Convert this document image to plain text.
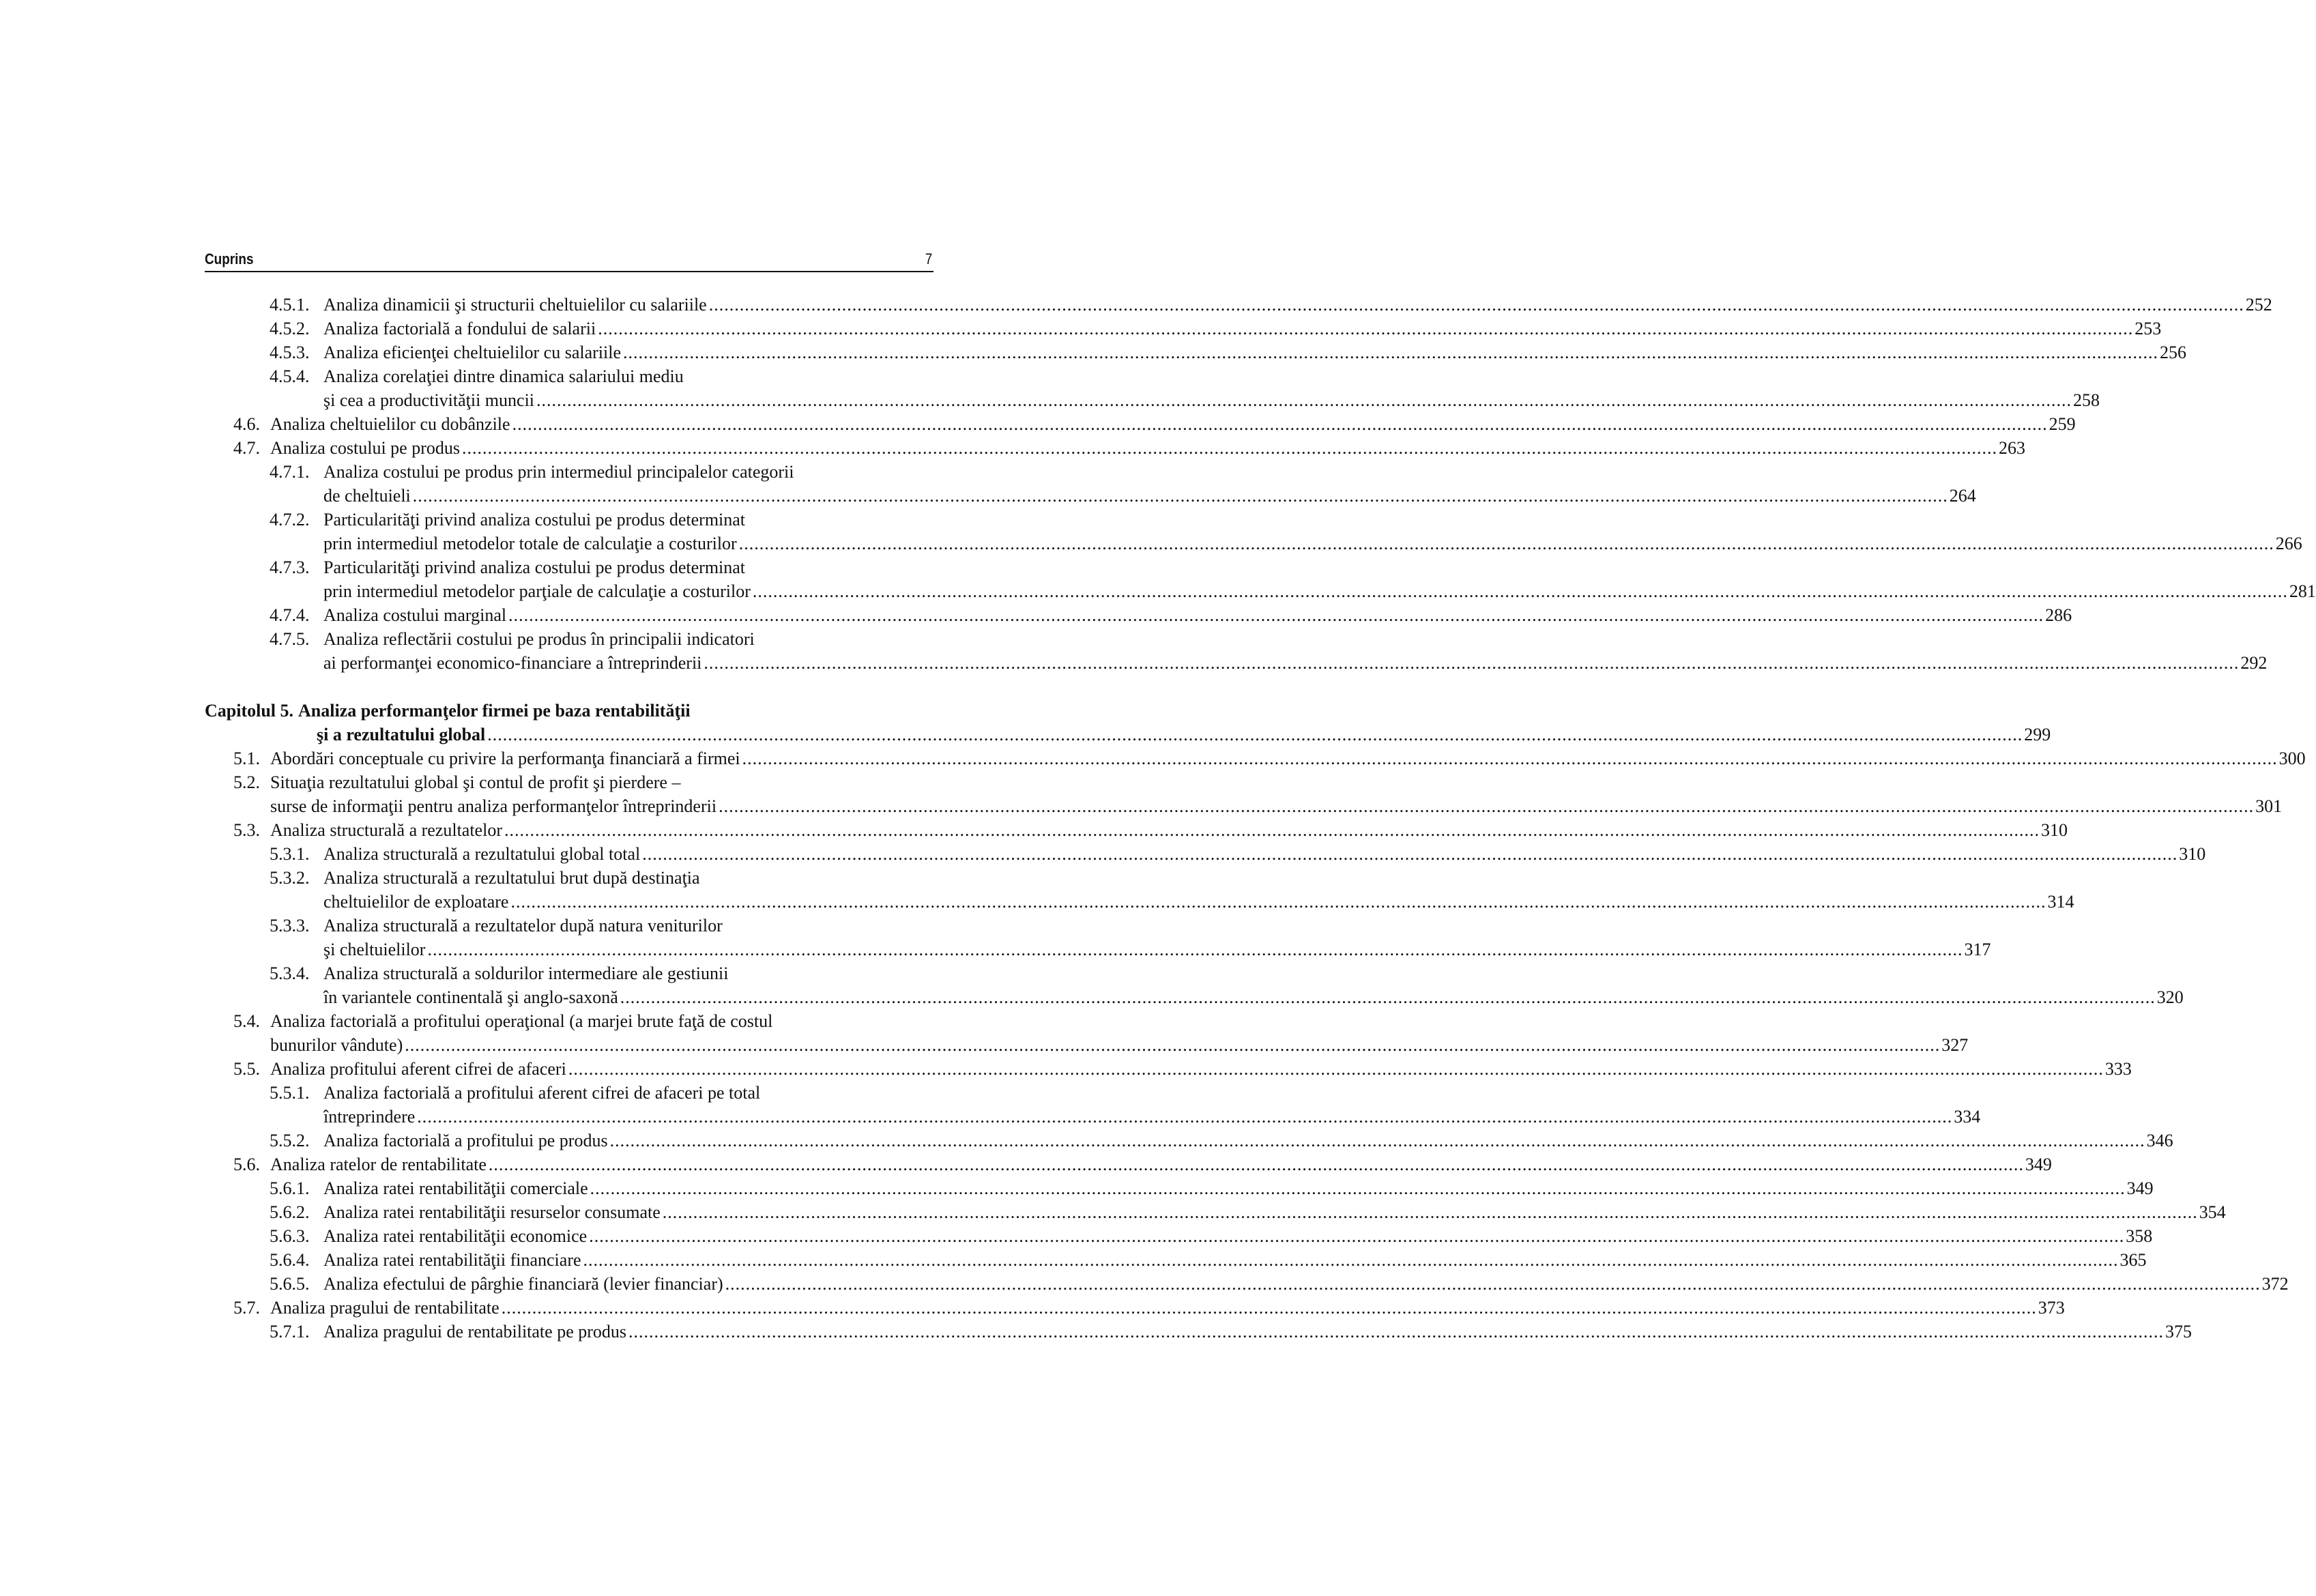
Cuprins	7
4.5.1. Analiza dinamicii şi structurii cheltuielilor cu salariile ............................................................................................................................................................................................................................................................................................................ 252
4.5.2. Analiza factorială a fondului de salarii ............................................................................................................................................................................................................................................................................................................ 253
4.5.3. Analiza eficienţei cheltuielilor cu salariile ............................................................................................................................................................................................................................................................................................................ 256
4.5.4. Analiza corelaţiei dintre dinamica salariului mediu
şi cea a productivităţii muncii ............................................................................................................................................................................................................................................................................................................ 258
4.6. Analiza cheltuielilor cu dobânzile ............................................................................................................................................................................................................................................................................................................ 259
4.7. Analiza costului pe produs ............................................................................................................................................................................................................................................................................................................ 263
4.7.1. Analiza costului pe produs prin intermediul principalelor categorii
de cheltuieli ............................................................................................................................................................................................................................................................................................................ 264
4.7.2. Particularităţi privind analiza costului pe produs determinat
prin intermediul metodelor totale de calculaţie a costurilor ............................................................................................................................................................................................................................................................................................................ 266
4.7.3. Particularităţi privind analiza costului pe produs determinat
prin intermediul metodelor parţiale de calculaţie a costurilor ............................................................................................................................................................................................................................................................................................................ 281
4.7.4. Analiza costului marginal ............................................................................................................................................................................................................................................................................................................ 286
4.7.5. Analiza reflectării costului pe produs în principalii indicatori
ai performanţei economico-financiare a întreprinderii ............................................................................................................................................................................................................................................................................................................ 292
Capitolul 5. Analiza performanţelor firmei pe baza rentabilităţii
şi a rezultatului global ............................................................................................................................................................................................................................................................................................................ 299
5.1. Abordări conceptuale cu privire la performanţa financiară a firmei ............................................................................................................................................................................................................................................................................................................ 300
5.2. Situaţia rezultatului global şi contul de profit şi pierdere –
surse de informaţii pentru analiza performanţelor întreprinderii ............................................................................................................................................................................................................................................................................................................ 301
5.3. Analiza structurală a rezultatelor ............................................................................................................................................................................................................................................................................................................ 310
5.3.1. Analiza structurală a rezultatului global total ............................................................................................................................................................................................................................................................................................................ 310
5.3.2. Analiza structurală a rezultatului brut după destinaţia
cheltuielilor de exploatare ............................................................................................................................................................................................................................................................................................................ 314
5.3.3. Analiza structurală a rezultatelor după natura veniturilor
şi cheltuielilor ............................................................................................................................................................................................................................................................................................................ 317
5.3.4. Analiza structurală a soldurilor intermediare ale gestiunii
în variantele continentală şi anglo-saxonă ............................................................................................................................................................................................................................................................................................................ 320
5.4. Analiza factorială a profitului operaţional (a marjei brute faţă de costul
bunurilor vândute) ............................................................................................................................................................................................................................................................................................................ 327
5.5. Analiza profitului aferent cifrei de afaceri ............................................................................................................................................................................................................................................................................................................ 333
5.5.1. Analiza factorială a profitului aferent cifrei de afaceri pe total
întreprindere ............................................................................................................................................................................................................................................................................................................ 334
5.5.2. Analiza factorială a profitului pe produs ............................................................................................................................................................................................................................................................................................................ 346
5.6. Analiza ratelor de rentabilitate ............................................................................................................................................................................................................................................................................................................ 349
5.6.1. Analiza ratei rentabilităţii comerciale ............................................................................................................................................................................................................................................................................................................ 349
5.6.2. Analiza ratei rentabilităţii resurselor consumate ............................................................................................................................................................................................................................................................................................................ 354
5.6.3. Analiza ratei rentabilităţii economice ............................................................................................................................................................................................................................................................................................................ 358
5.6.4. Analiza ratei rentabilităţii financiare ............................................................................................................................................................................................................................................................................................................ 365
5.6.5. Analiza efectului de pârghie financiară (levier financiar) ............................................................................................................................................................................................................................................................................................................ 372
5.7. Analiza pragului de rentabilitate ............................................................................................................................................................................................................................................................................................................ 373
5.7.1. Analiza pragului de rentabilitate pe produs ............................................................................................................................................................................................................................................................................................................ 375
